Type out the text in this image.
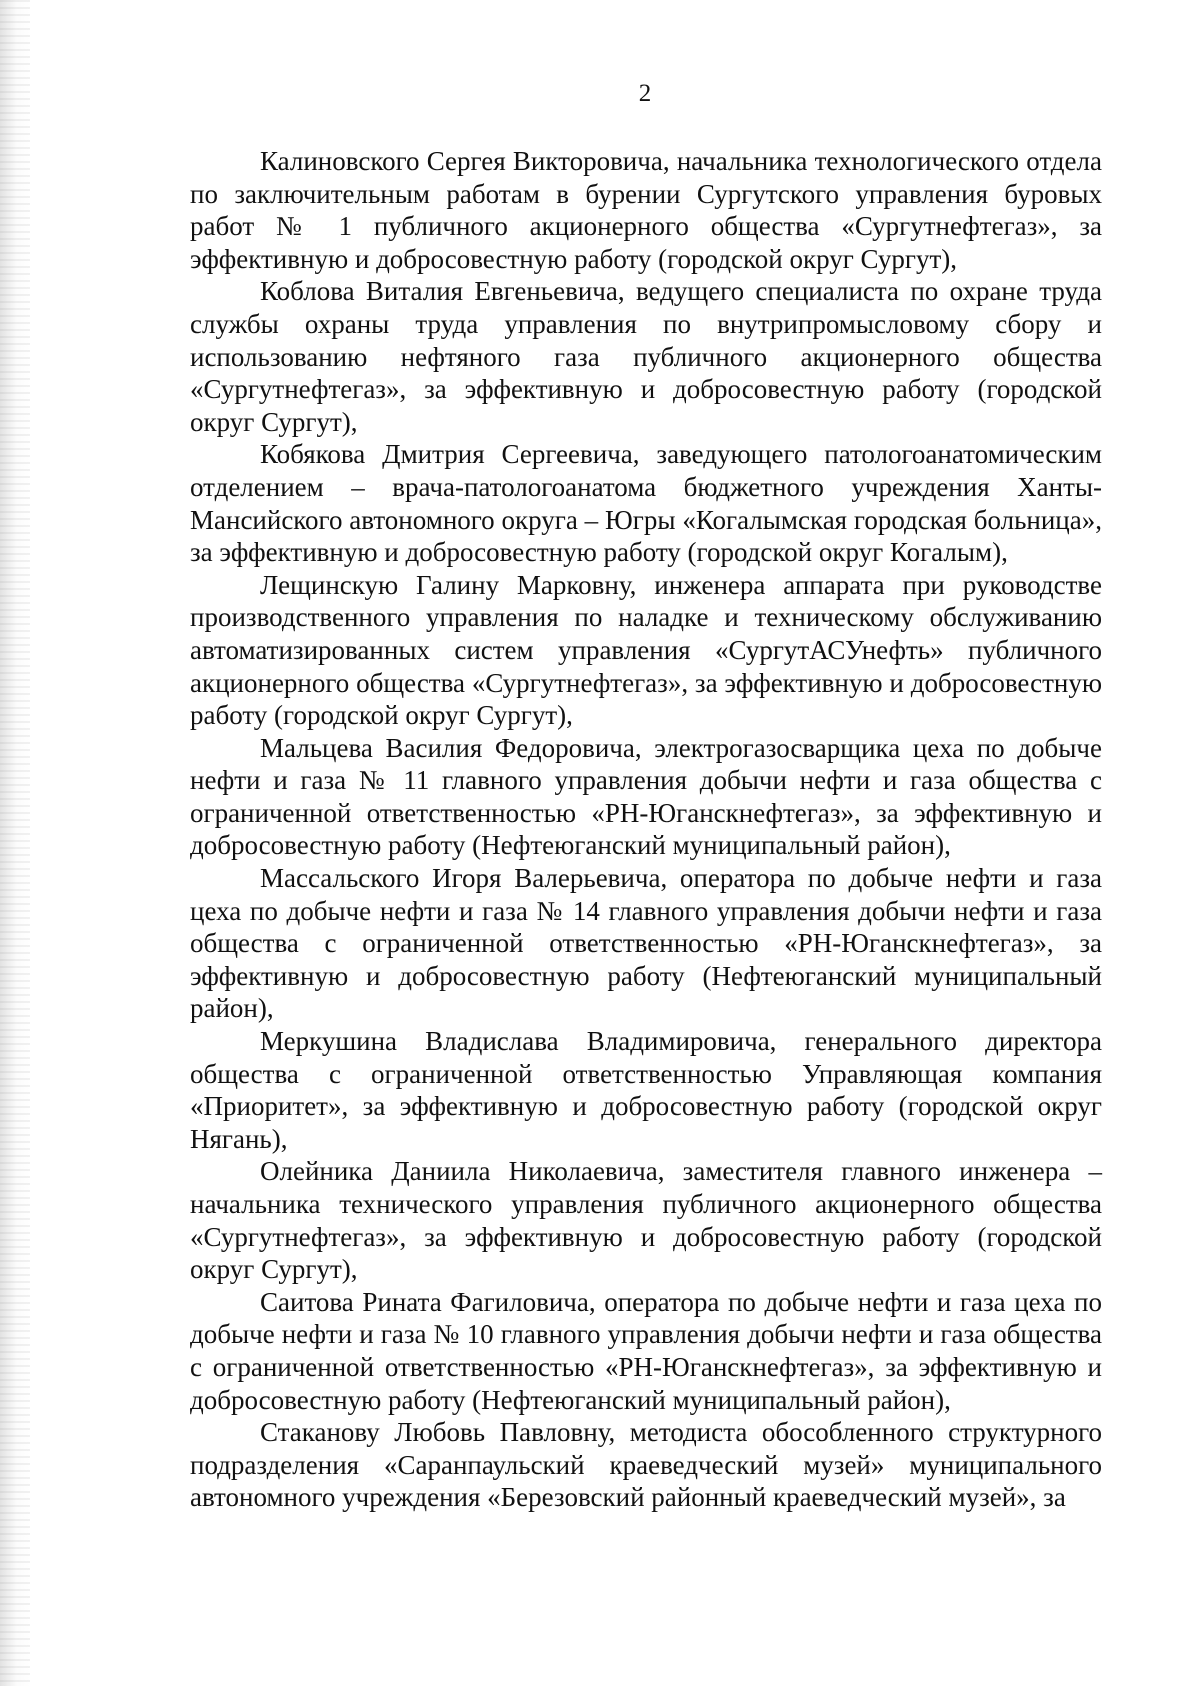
2

Калиновского Сергея Викторовича, начальника технологического отдела по заключительным работам в бурении Сургутского управления буровых работ № 1 публичного акционерного общества «Сургутнефтегаз», за эффективную и добросовестную работу (городской округ Сургут),

Коблова Виталия Евгеньевича, ведущего специалиста по охране труда службы охраны труда управления по внутрипромысловому сбору и использованию нефтяного газа публичного акционерного общества «Сургутнефтегаз», за эффективную и добросовестную работу (городской округ Сургут),

Кобякова Дмитрия Сергеевича, заведующего патологоанатомическим отделением – врача-патологоанатома бюджетного учреждения Ханты-Мансийского автономного округа – Югры «Когалымская городская больница», за эффективную и добросовестную работу (городской округ Когалым),

Лещинскую Галину Марковну, инженера аппарата при руководстве производственного управления по наладке и техническому обслуживанию автоматизированных систем управления «СургутАСУнефть» публичного акционерного общества «Сургутнефтегаз», за эффективную и добросовестную работу (городской округ Сургут),

Мальцева Василия Федоровича, электрогазосварщика цеха по добыче нефти и газа № 11 главного управления добычи нефти и газа общества с ограниченной ответственностью «РН-Юганскнефтегаз», за эффективную и добросовестную работу (Нефтеюганский муниципальный район),

Массальского Игоря Валерьевича, оператора по добыче нефти и газа цеха по добыче нефти и газа № 14 главного управления добычи нефти и газа общества с ограниченной ответственностью «РН-Юганскнефтегаз», за эффективную и добросовестную работу (Нефтеюганский муниципальный район),

Меркушина Владислава Владимировича, генерального директора общества с ограниченной ответственностью Управляющая компания «Приоритет», за эффективную и добросовестную работу (городской округ Нягань),

Олейника Даниила Николаевича, заместителя главного инженера – начальника технического управления публичного акционерного общества «Сургутнефтегаз», за эффективную и добросовестную работу (городской округ Сургут),

Саитова Рината Фагиловича, оператора по добыче нефти и газа цеха по добыче нефти и газа № 10 главного управления добычи нефти и газа общества с ограниченной ответственностью «РН-Юганскнефтегаз», за эффективную и добросовестную работу (Нефтеюганский муниципальный район),

Стаканову Любовь Павловну, методиста обособленного структурного подразделения «Саранпаульский краеведческий музей» муниципального автономного учреждения «Березовский районный краеведческий музей», за
